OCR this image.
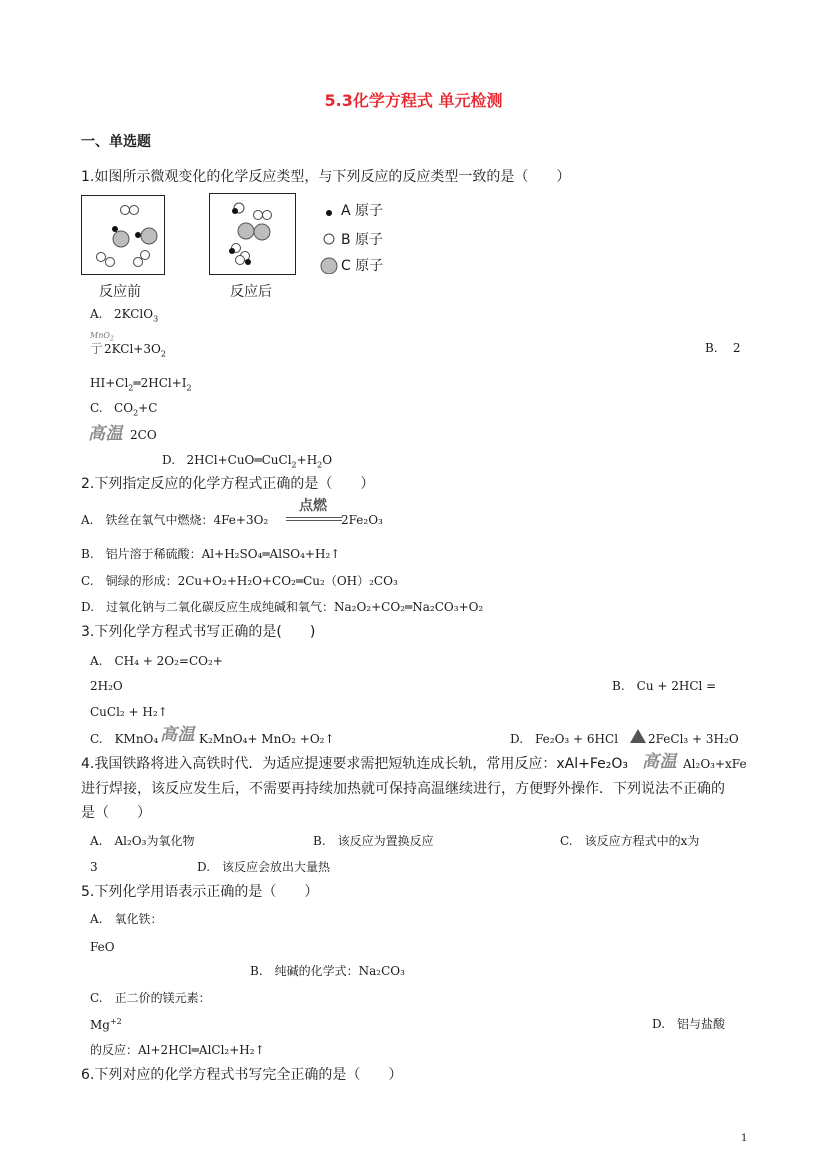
5.3化学方程式 单元检测
一、单选题
1.如图所示微观变化的化学反应类型，与下列反应的反应类型一致的是（　　）
反应前	反应后
A 原子
B 原子
C 原子
A. 2KClO$_3$
MnO$_2$
亍 $2KCl+3O_2$	B. 2
$HI+Cl_2═2HCl+I_2$
C. $CO_2+C$
高温 2CO
D. $2HCl+CuO═CuCl_2+H_2O$
2.下列指定反应的化学方程式正确的是（　　）
A.　铁丝在氧气中燃烧：4Fe+3O₂
点燃
2Fe₂O₃
B.　铝片溶于稀硫酸：Al+H₂SO₄═AlSO₄+H₂↑
C.　铜绿的形成：2Cu+O₂+H₂O+CO₂═Cu₂（OH）₂CO₃
D.　过氧化钠与二氧化碳反应生成纯碱和氧气：Na₂O₂+CO₂═Na₂CO₃+O₂
3.下列化学方程式书写正确的是(　　)
A.　CH₄ + 2O₂=CO₂+
2H₂O	B.　Cu + 2HCl =
CuCl₂ + H₂↑
C.　KMnO₄ 高温 K₂MnO₄+ MnO₂ +O₂↑	D.　Fe₂O₃ + 6HCl 2FeCl₃ + 3H₂O
4.我国铁路将进入高铁时代．为适应提速要求需把短轨连成长轨，常用反应：xAl+Fe₂O₃ 高温 Al₂O₃+xFe
进行焊接，该反应发生后，不需要再持续加热就可保持高温继续进行，方便野外操作．下列说法不正确的
是（　　）
A.　Al₂O₃为氧化物	B.　该反应为置换反应	C.　该反应方程式中的x为
3	D.　该反应会放出大量热
5.下列化学用语表示正确的是（　　）
A.　氧化铁：
FeO
B.　纯碱的化学式：Na₂CO₃
C.　正二价的镁元素：
$Mg^{+2}$	D.　铝与盐酸
的反应：Al+2HCl═AlCl₂+H₂↑
6.下列对应的化学方程式书写完全正确的是（　　）
1
